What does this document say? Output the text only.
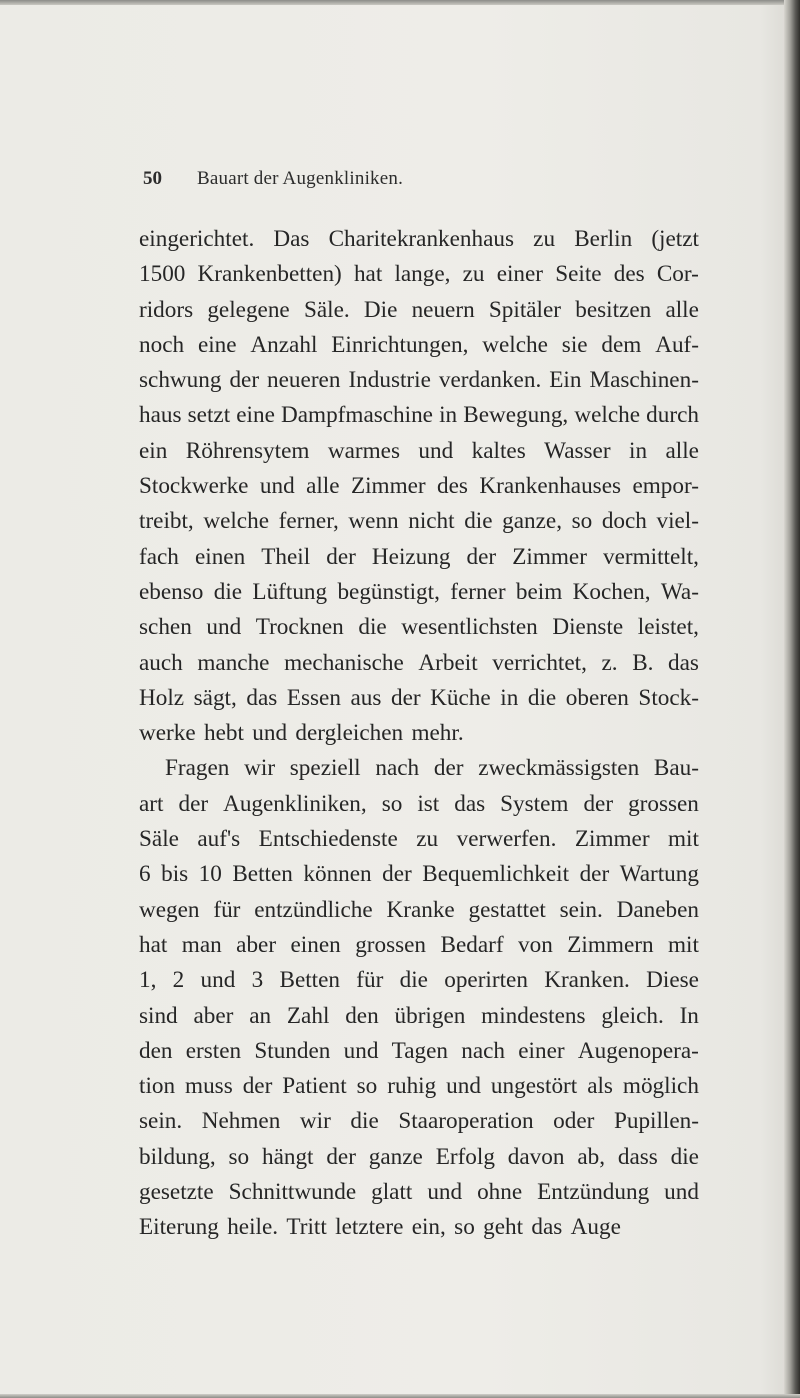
50 Bauart der Augenkliniken.
eingerichtet. Das Charitekrankenhaus zu Berlin (jetzt
1500 Krankenbetten) hat lange, zu einer Seite des Cor-
ridors gelegene Säle. Die neuern Spitäler besitzen alle
noch eine Anzahl Einrichtungen, welche sie dem Auf-
schwung der neueren Industrie verdanken. Ein Maschinen-
haus setzt eine Dampfmaschine in Bewegung, welche durch
ein Röhrensytem warmes und kaltes Wasser in alle
Stockwerke und alle Zimmer des Krankenhauses empor-
treibt, welche ferner, wenn nicht die ganze, so doch viel-
fach einen Theil der Heizung der Zimmer vermittelt,
ebenso die Lüftung begünstigt, ferner beim Kochen, Wa-
schen und Trocknen die wesentlichsten Dienste leistet,
auch manche mechanische Arbeit verrichtet, z. B. das
Holz sägt, das Essen aus der Küche in die oberen Stock-
werke hebt und dergleichen mehr.
Fragen wir speziell nach der zweckmässigsten Bau-
art der Augenkliniken, so ist das System der grossen
Säle auf's Entschiedenste zu verwerfen. Zimmer mit
6 bis 10 Betten können der Bequemlichkeit der Wartung
wegen für entzündliche Kranke gestattet sein. Daneben
hat man aber einen grossen Bedarf von Zimmern mit
1, 2 und 3 Betten für die operirten Kranken. Diese
sind aber an Zahl den übrigen mindestens gleich. In
den ersten Stunden und Tagen nach einer Augenopera-
tion muss der Patient so ruhig und ungestört als möglich
sein. Nehmen wir die Staaroperation oder Pupillen-
bildung, so hängt der ganze Erfolg davon ab, dass die
gesetzte Schnittwunde glatt und ohne Entzündung und
Eiterung heile. Tritt letztere ein, so geht das Auge
